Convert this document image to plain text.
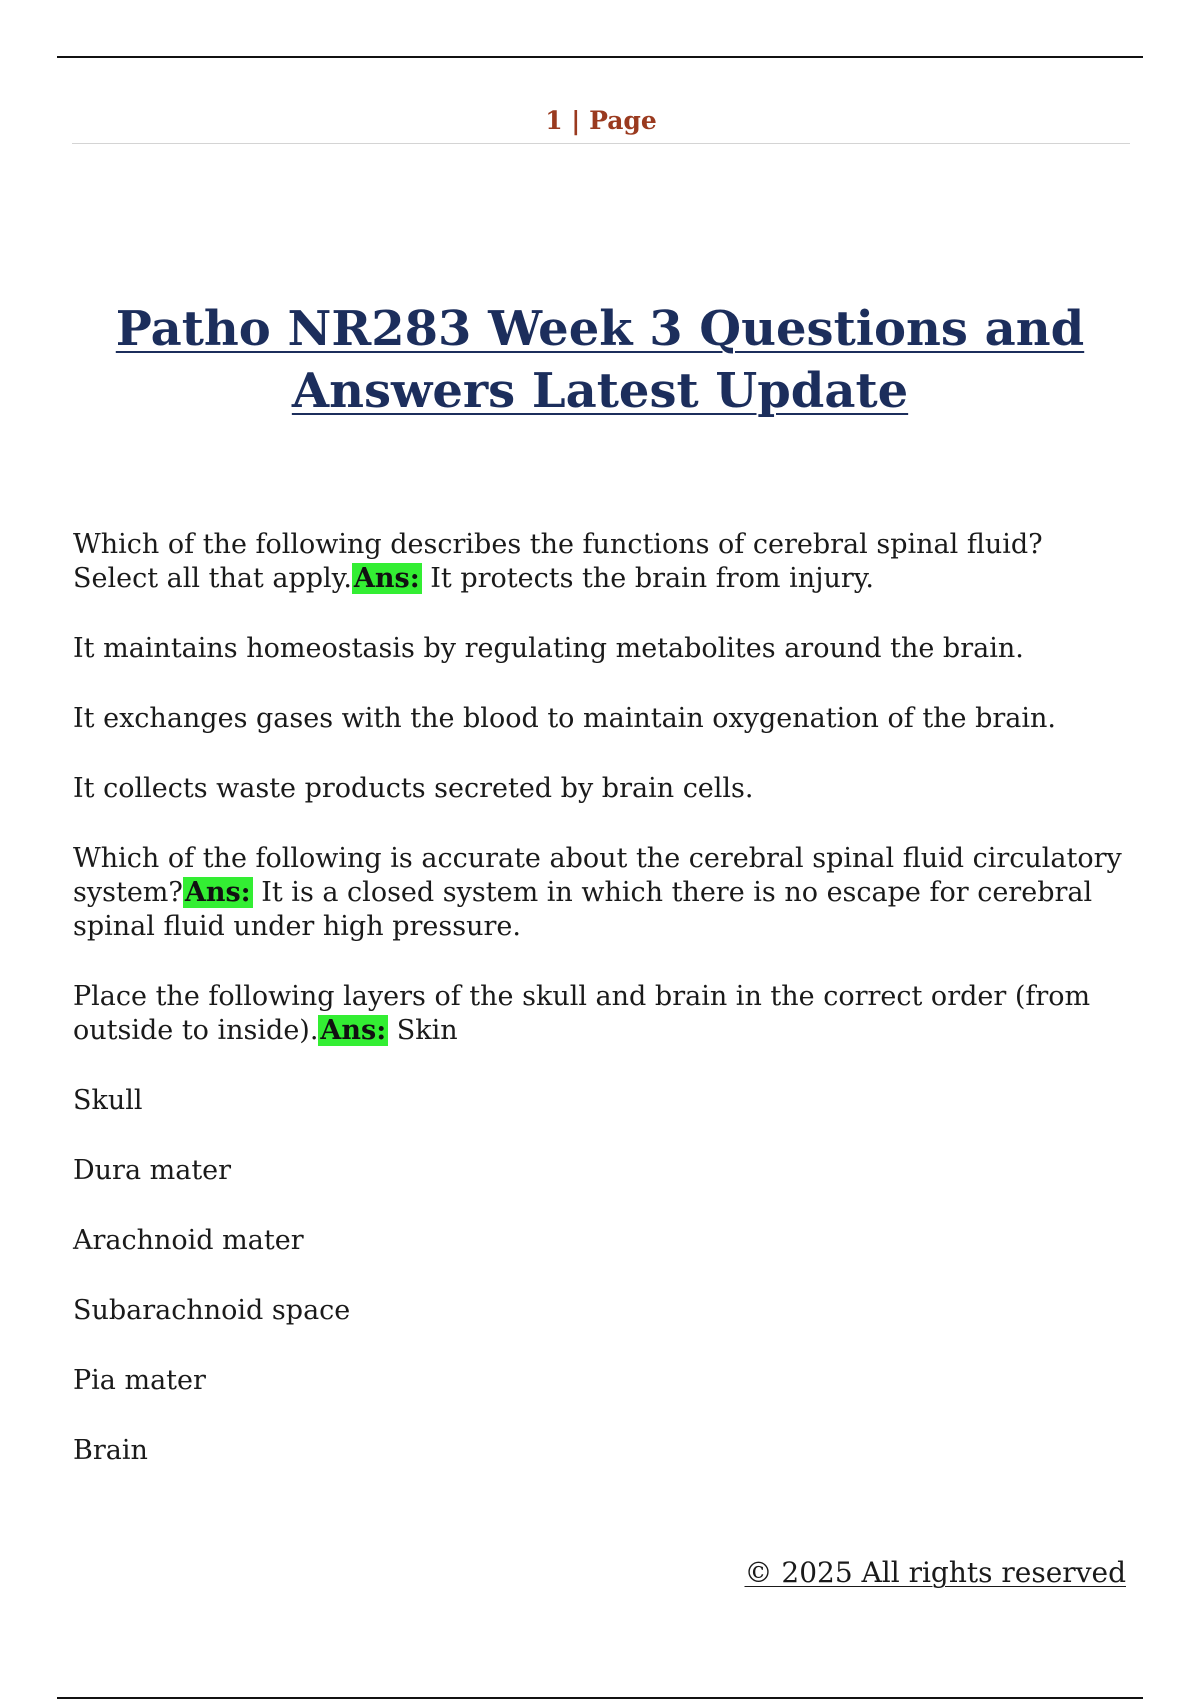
1 | Page
Patho NR283 Week 3 Questions and Answers Latest Update

Which of the following describes the functions of cerebral spinal fluid? Select all that apply.Ans: It protects the brain from injury.

It maintains homeostasis by regulating metabolites around the brain.

It exchanges gases with the blood to maintain oxygenation of the brain.

It collects waste products secreted by brain cells.

Which of the following is accurate about the cerebral spinal fluid circulatory system?Ans: It is a closed system in which there is no escape for cerebral spinal fluid under high pressure.

Place the following layers of the skull and brain in the correct order (from outside to inside).Ans: Skin

Skull

Dura mater

Arachnoid mater

Subarachnoid space

Pia mater

Brain

© 2025 All rights reserved
